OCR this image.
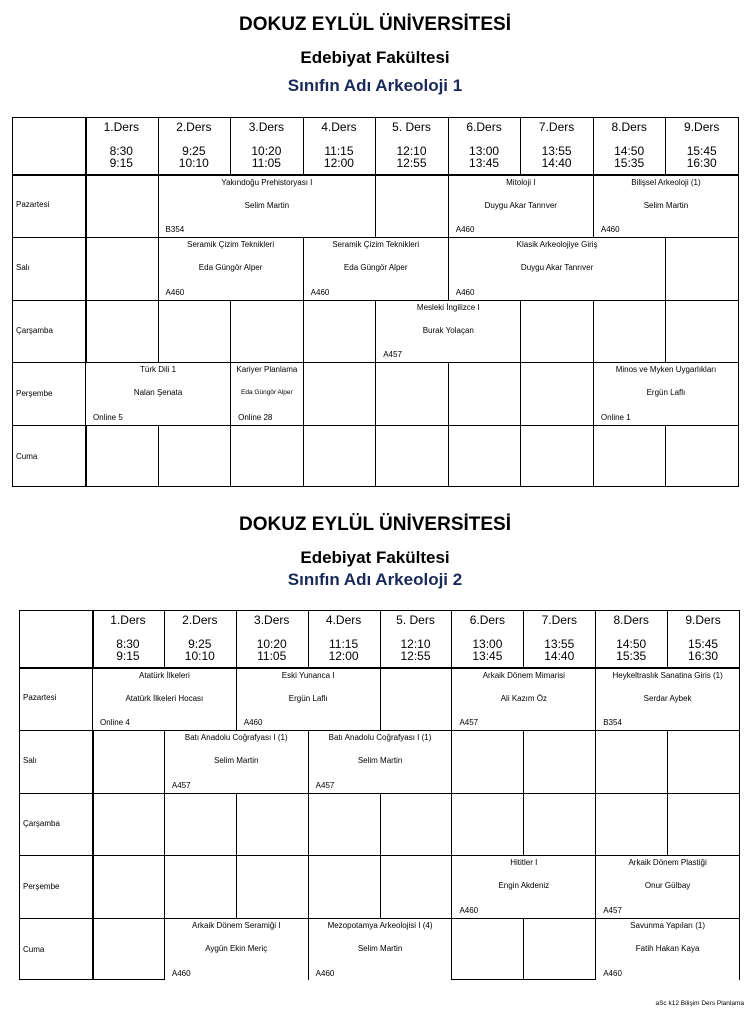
DOKUZ EYLÜL ÜNİVERSİTESİ
Edebiyat Fakültesi
Sınıfın Adı Arkeoloji 1
1.Ders
8:30
9:15
2.Ders
9:25
10:10
3.Ders
10:20
11:05
4.Ders
11:15
12:00
5. Ders
12:10
12:55
6.Ders
13:00
13:45
7.Ders
13:55
14:40
8.Ders
14:50
15:35
9.Ders
15:45
16:30
Pazartesi
Salı
Çarşamba
Perşembe
Cuma
Yakındoğu Prehistoryası I
Selim Martin
B354
Mitoloji I
Duygu Akar Tanrıver
A460
Bilişsel Arkeoloji (1)
Selim Martin
A460
Seramik Çizim Teknikleri
Eda Güngör Alper
A460
Seramik Çizim Teknikleri
Eda Güngör Alper
A460
Klasik Arkeolojiye Giriş
Duygu Akar Tanrıver
A460
Mesleki İngilizce I
Burak Yolaçan
A457
Türk Dili 1
Nalan Şenata
Online 5
Kariyer Planlama
Eda Güngör Alper
Online 28
Minos ve Myken Uygarlıkları
Ergün Laflı
Online 1
DOKUZ EYLÜL ÜNİVERSİTESİ
Edebiyat Fakültesi
Sınıfın Adı Arkeoloji 2
1.Ders
8:30
9:15
2.Ders
9:25
10:10
3.Ders
10:20
11:05
4.Ders
11:15
12:00
5. Ders
12:10
12:55
6.Ders
13:00
13:45
7.Ders
13:55
14:40
8.Ders
14:50
15:35
9.Ders
15:45
16:30
Pazartesi
Salı
Çarşamba
Perşembe
Cuma
Atatürk İlkeleri
Atatürk İlkeleri Hocası
Online 4
Eski Yunanca I
Ergün Laflı
A460
Arkaik Dönem Mimarisi
Ali Kazım Öz
A457
Heykeltraslık Sanatina Giris (1)
Serdar Aybek
B354
Batı Anadolu Coğrafyası I (1)
Selim Martin
A457
Batı Anadolu Coğrafyası I (1)
Selim Martin
A457
Hititler I
Engin Akdeniz
A460
Arkaik Dönem Plastiği
Onur Gülbay
A457
Arkaik Dönem Seramiği I
Aygün Ekin Meriç
A460
Mezopotamya Arkeolojisi I (4)
Selim Martin
A460
Savunma Yapıları (1)
Fatih Hakan Kaya
A460
aSc k12 Bilişim Ders Planlama
